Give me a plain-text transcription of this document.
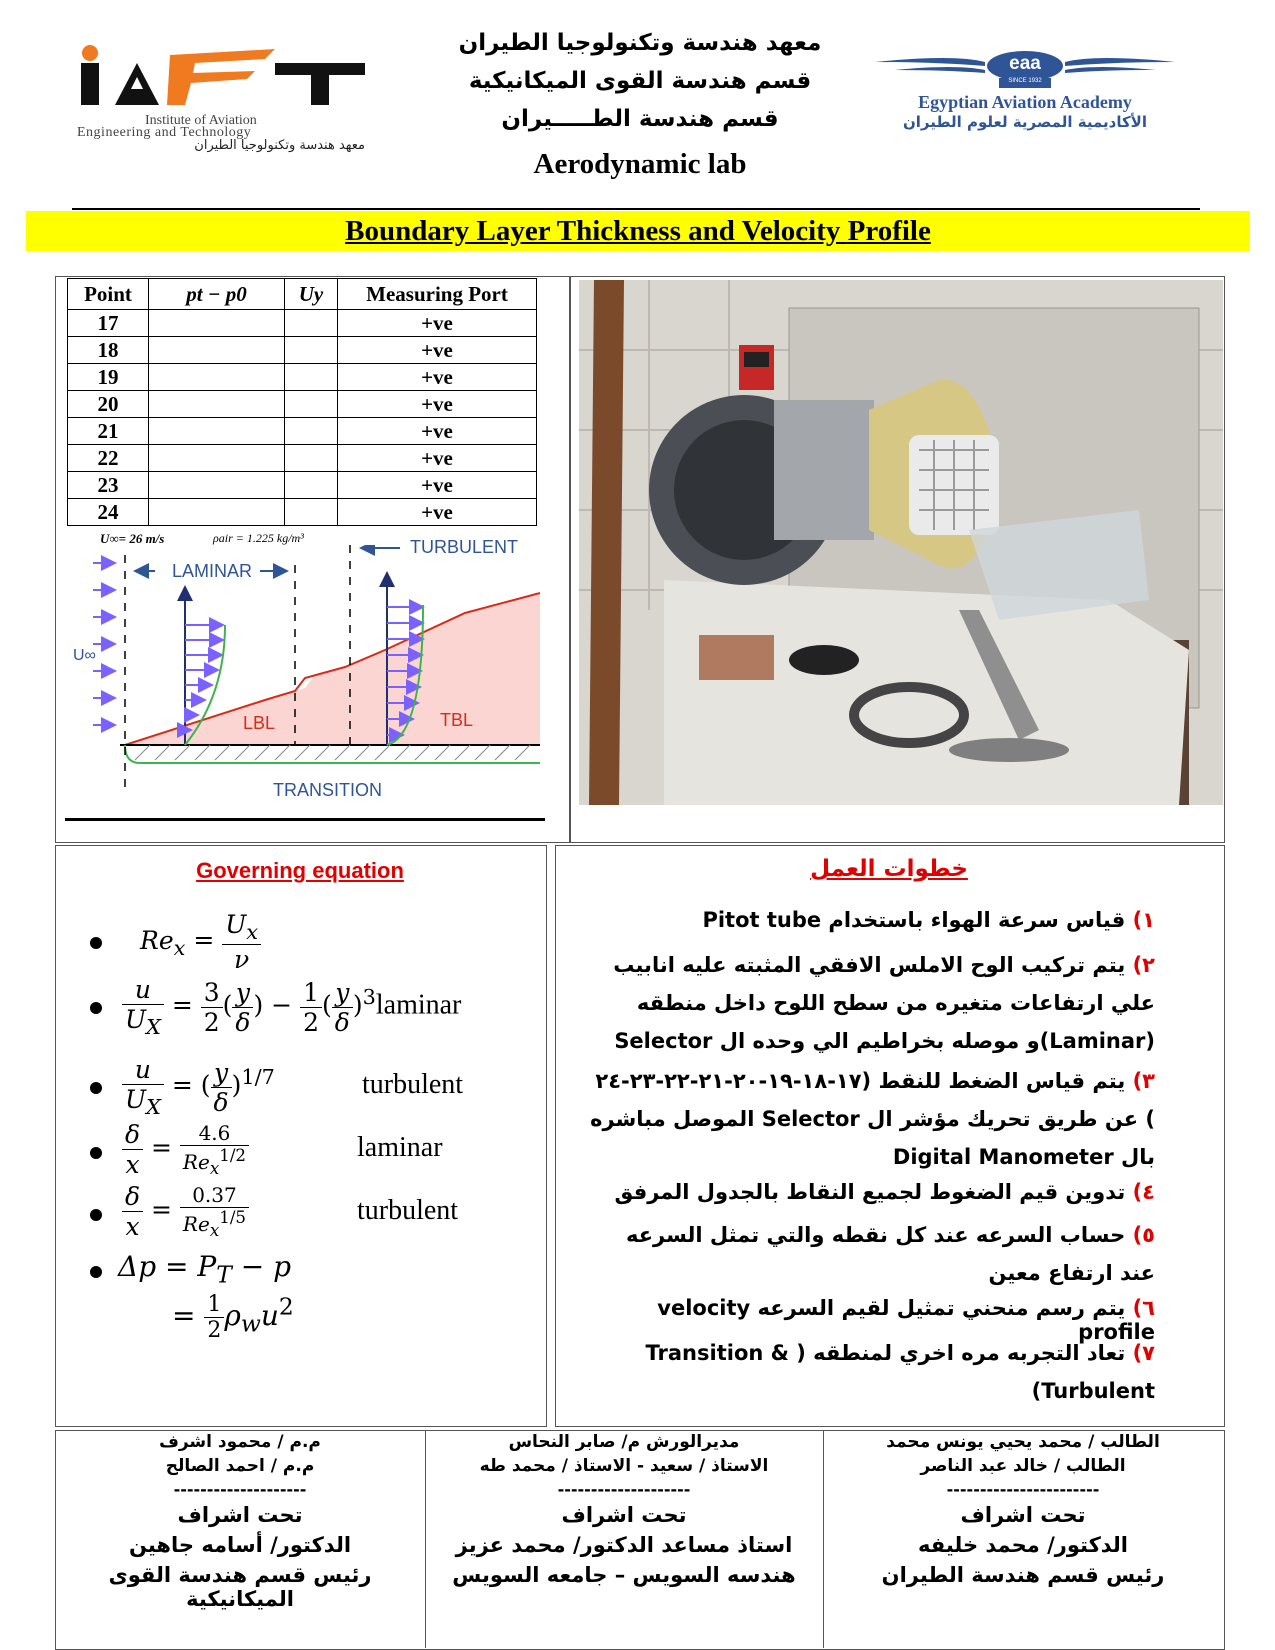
Institute of Aviation
Engineering and Technology
معهد هندسة وتكنولوجيا الطيران
معهد هندسة وتكنولوجيا الطيران
قسم هندسة القوى الميكانيكية
قسم هندسة الطـــــيران
Aerodynamic lab
eaa
SINCE 1932
Egyptian Aviation Academy
الأكاديمية المصرية لعلوم الطيران
Boundary Layer Thickness and Velocity Profile
Point	pt − p0	Uy	Measuring Port
17			+ve
18			+ve
19			+ve
20			+ve
21			+ve
22			+ve
23			+ve
24			+ve
U∞= 26 m/s	ρair = 1.225 kg/m³
LAMINAR
TURBULENT
TRANSITION
LBL	TBL
U∞
Governing equation
$Re_x = \frac{U_x}{\nu}$
$\frac{u}{U_X} = \frac{3}{2}$ ( $\frac{y}{\delta}$ ) − $\frac{1}{2}$ ( $\frac{y}{\delta}$ )$^3$laminar
$\frac{u}{U_X}$ = ( $\frac{y}{\delta} )^{1/7}$	turbulent
$\frac{\delta}{x} = \frac{4.6}{Re_x^{1/2}}$	laminar
$\frac{\delta}{x} = \frac{0.37}{Re_x^{1/5}}$	turbulent
$\Delta p = P_T - p$
= $\frac{1}{2} \rho_wu^2$
خطوات العمل
١) قياس سرعة الهواء باستخدام Pitot tube
٢) يتم تركيب الوح الاملس الافقي المثبته عليه انابيب علي ارتفاعات متغيره من سطح اللوح داخل منطقه (Laminar)و موصله بخراطيم الي وحده ال Selector
٣) يتم قياس الضغط للنقط (١٧-١٨-١٩-٢٠-٢١-٢٢-٢٣-٢٤ ) عن طريق تحريك مؤشر ال Selector الموصل مباشره بال Digital Manometer
٤) تدوين قيم الضغوط لجميع النقاط بالجدول المرفق
٥) حساب السرعه عند كل نقطه والتي تمثل السرعه عند ارتفاع معين
٦) يتم رسم منحني تمثيل لقيم السرعه velocity profile
٧) تعاد التجربه مره اخري لمنطقه ( Transition & (Turbulent
الطالب / محمد يحيي يونس محمد
الطالب / خالد عبد الناصر
-----------------------
تحت اشراف
الدكتور/ محمد خليفه
رئيس قسم هندسة الطيران
مديرالورش م/ صابر النحاس
الاستاذ / سعيد - الاستاذ / محمد طه
--------------------
تحت اشراف
استاذ مساعد الدكتور/ محمد عزيز
هندسه السويس – جامعه السويس
م.م / محمود اشرف
م.م / احمد الصالح
--------------------
تحت اشراف
الدكتور/ أسامه جاهين
رئيس قسم هندسة القوى الميكانيكية
